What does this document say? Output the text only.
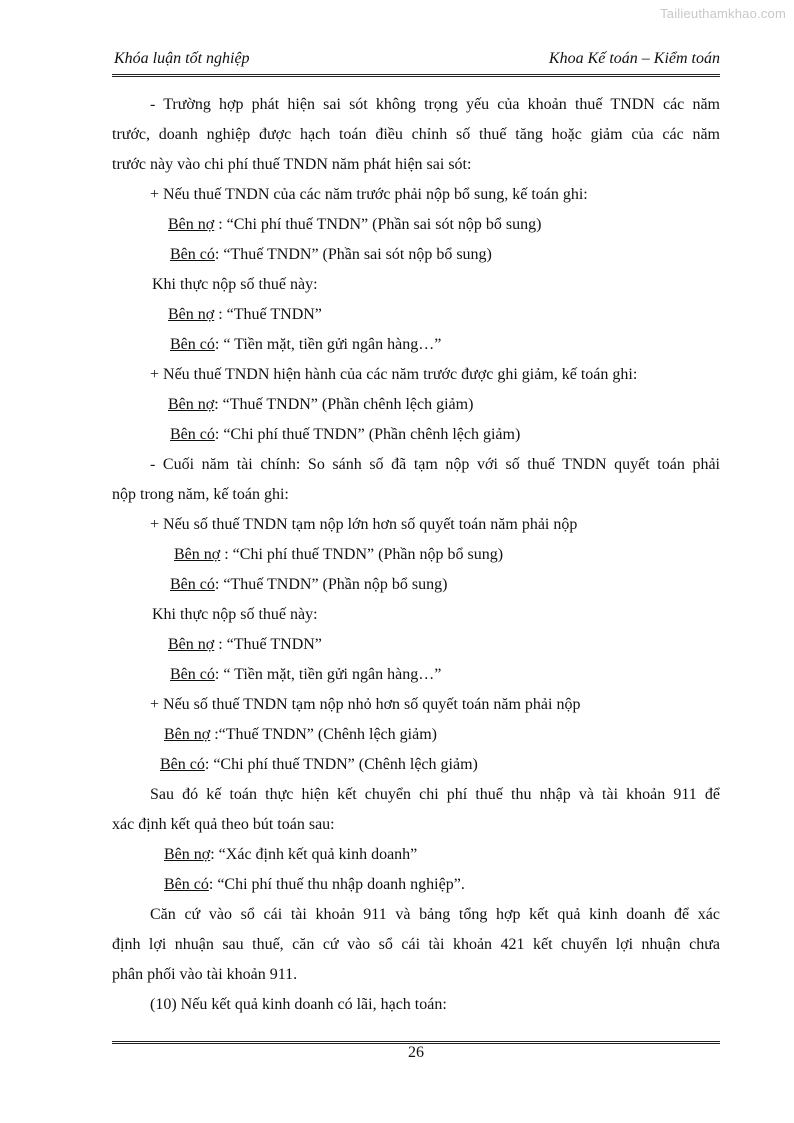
Tailieuthamkhao.com
Khóa luận tốt nghiệp	Khoa Kế toán – Kiểm toán
- Trường hợp phát hiện sai sót không trọng yếu của khoản thuế TNDN các năm
trước, doanh nghiệp được hạch toán điều chỉnh số thuế tăng hoặc giảm của các năm
trước này vào chi phí thuế TNDN năm phát hiện sai sót:
+ Nếu thuế TNDN của các năm trước phải nộp bổ sung, kế toán ghi:
Bên nợ : “Chi phí thuế TNDN” (Phần sai sót nộp bổ sung)
Bên có: “Thuế TNDN” (Phần sai sót nộp bổ sung)
Khi thực nộp số thuế này:
Bên nợ : “Thuế TNDN”
Bên có: “ Tiền mặt, tiền gửi ngân hàng…”
+ Nếu thuế TNDN hiện hành của các năm trước được ghi giảm, kế toán ghi:
Bên nợ: “Thuế TNDN” (Phần chênh lệch giảm)
Bên có: “Chi phí thuế TNDN” (Phần chênh lệch giảm)
- Cuối năm tài chính: So sánh số đã tạm nộp với số thuế TNDN quyết toán phải
nộp trong năm, kế toán ghi:
+ Nếu số thuế TNDN tạm nộp lớn hơn số quyết toán năm phải nộp
Bên nợ : “Chi phí thuế TNDN” (Phần nộp bổ sung)
Bên có: “Thuế TNDN” (Phần nộp bổ sung)
Khi thực nộp số thuế này:
Bên nợ : “Thuế TNDN”
Bên có: “ Tiền mặt, tiền gửi ngân hàng…”
+ Nếu số thuế TNDN tạm nộp nhỏ hơn số quyết toán năm phải nộp
Bên nợ :“Thuế TNDN” (Chênh lệch giảm)
Bên có: “Chi phí thuế TNDN” (Chênh lệch giảm)
Sau đó kế toán thực hiện kết chuyển chi phí thuế thu nhập và tài khoản 911 để
xác định kết quả theo bút toán sau:
Bên nợ: “Xác định kết quả kinh doanh”
Bên có: “Chi phí thuế thu nhập doanh nghiệp”.
Căn cứ vào sổ cái tài khoản 911 và bảng tổng hợp kết quả kinh doanh để xác
định lợi nhuận sau thuế, căn cứ vào sổ cái tài khoản 421 kết chuyển lợi nhuận chưa
phân phối vào tài khoản 911.
(10) Nếu kết quả kinh doanh có lãi, hạch toán:
26
